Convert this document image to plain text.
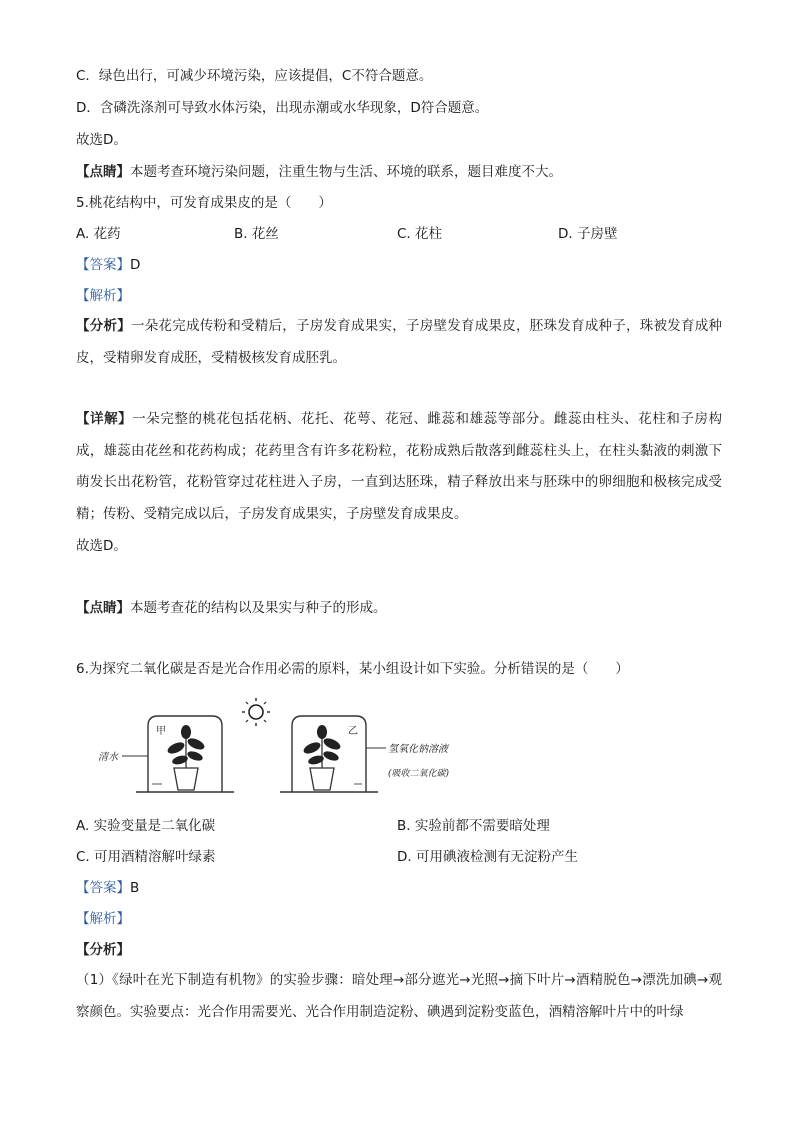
C．绿色出行，可减少环境污染，应该提倡，C不符合题意。
D．含磷洗涤剂可导致水体污染，出现赤潮或水华现象，D符合题意。
故选D。
【点睛】本题考查环境污染问题，注重生物与生活、环境的联系，题目难度不大。
5.桃花结构中，可发育成果皮的是（　　）
A. 花药	B. 花丝	C. 花柱	D. 子房壁
【答案】D
【解析】
【分析】一朵花完成传粉和受精后，子房发育成果实，子房壁发育成果皮，胚珠发育成种子，珠被发育成种皮，受精卵发育成胚，受精极核发育成胚乳。
【详解】一朵完整的桃花包括花柄、花托、花萼、花冠、雌蕊和雄蕊等部分。雌蕊由柱头、花柱和子房构成，雄蕊由花丝和花药构成；花药里含有许多花粉粒，花粉成熟后散落到雌蕊柱头上，在柱头黏液的刺激下萌发长出花粉管，花粉管穿过花柱进入子房，一直到达胚珠，精子释放出来与胚珠中的卵细胞和极核完成受精；传粉、受精完成以后，子房发育成果实，子房壁发育成果皮。
故选D。
【点睛】本题考查花的结构以及果实与种子的形成。
6.为探究二氧化碳是否是光合作用必需的原料，某小组设计如下实验。分析错误的是（　　）
甲
清水
乙
氢氧化钠溶液
(吸收二氧化碳)
A. 实验变量是二氧化碳	B. 实验前都不需要暗处理
C. 可用酒精溶解叶绿素	D. 可用碘液检测有无淀粉产生
【答案】B
【解析】
【分析】
（1）《绿叶在光下制造有机物》的实验步骤：暗处理→部分遮光→光照→摘下叶片→酒精脱色→漂洗加碘→观察颜色。实验要点：光合作用需要光、光合作用制造淀粉、碘遇到淀粉变蓝色，酒精溶解叶片中的叶绿
